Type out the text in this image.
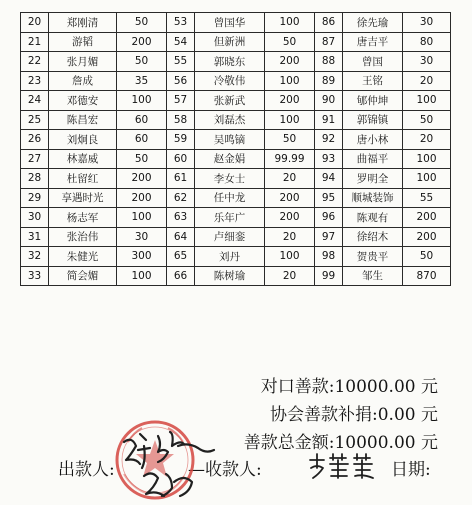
20	郑刚清	50	53	曾国华	100	86	徐先瑜	30
21	游韬	200	54	但新洲	50	87	唐吉平	80
22	张月媚	50	55	郭晓东	200	88	曾国	30
23	詹成	35	56	冷敬伟	100	89	王铭	20
24	邓德安	100	57	张新武	200	90	郇仲坤	100
25	陈昌宏	60	58	刘磊杰	100	91	郭锦镇	50
26	刘炯良	60	59	吴鸣镝	50	92	唐小林	20
27	林嘉威	50	60	赵金娟	99.99	93	曲福平	100
28	杜留红	200	61	李女士	20	94	罗明全	100
29	享遇时光	200	62	任中龙	200	95	顺城装饰	55
30	杨志军	100	63	乐年广	200	96	陈观有	200
31	张治伟	30	64	卢细銮	20	97	徐绍木	200
32	朱健光	300	65	刘丹	100	98	贺贵平	50
33	简会媚	100	66	陈树瑜	20	99	邹生	870
对口善款:10000.00 元
协会善款补捐:0.00 元
善款总金额:10000.00 元
出款人:	—收款人:	日期:
